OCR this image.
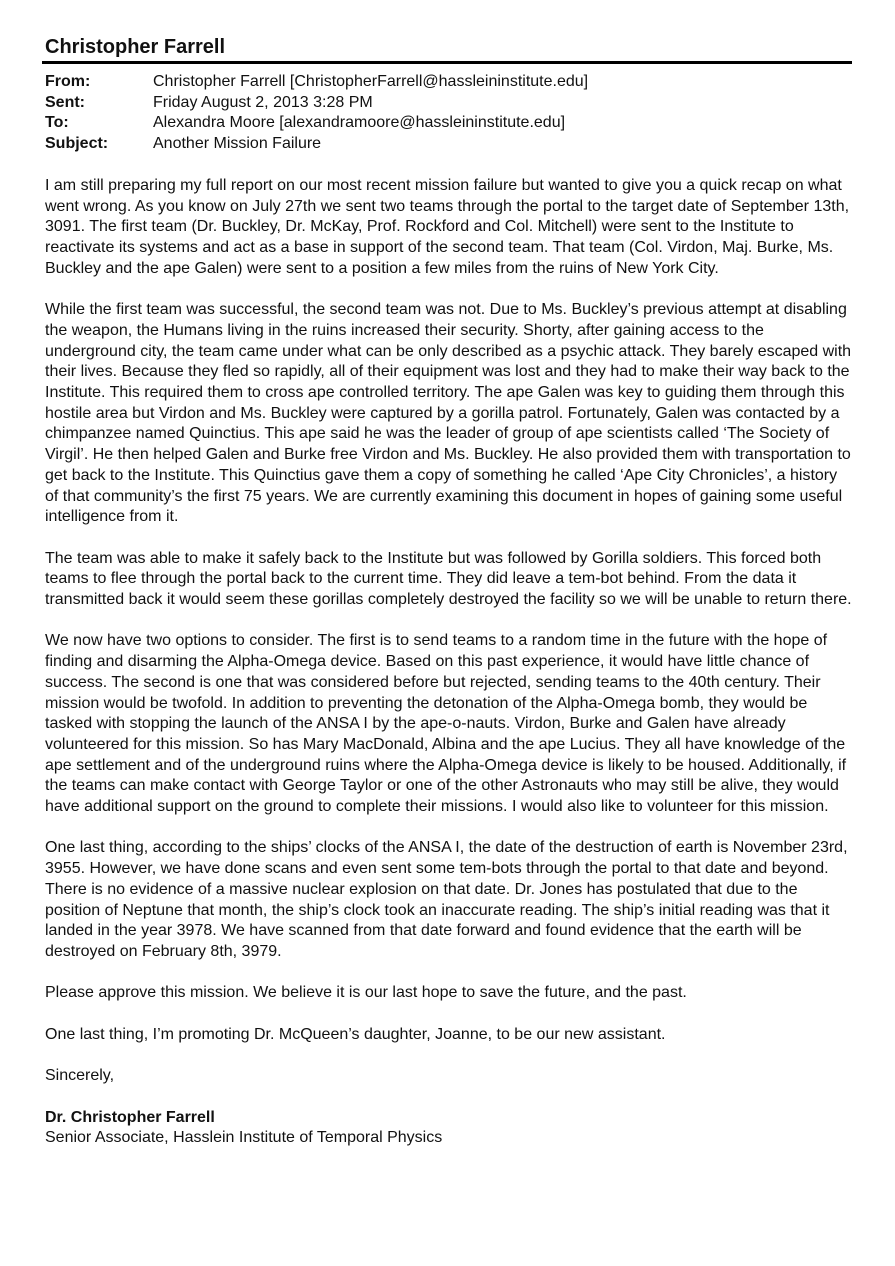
Christopher Farrell
From:	Christopher Farrell [ChristopherFarrell@hassleininstitute.edu]
Sent:	Friday August 2, 2013 3:28 PM
To:	Alexandra Moore [alexandramoore@hassleininstitute.edu]
Subject:	Another Mission Failure

I am still preparing my full report on our most recent mission failure but wanted to give you a quick recap on what went wrong. As you know on July 27th we sent two teams through the portal to the target date of September 13th, 3091. The first team (Dr. Buckley, Dr. McKay, Prof. Rockford and Col. Mitchell) were sent to the Institute to reactivate its systems and act as a base in support of the second team. That team (Col. Virdon, Maj. Burke, Ms. Buckley and the ape Galen) were sent to a position a few miles from the ruins of New York City.

While the first team was successful, the second team was not. Due to Ms. Buckley’s previous attempt at disabling the weapon, the Humans living in the ruins increased their security. Shorty, after gaining access to the underground city, the team came under what can be only described as a psychic attack. They barely escaped with their lives. Because they fled so rapidly, all of their equipment was lost and they had to make their way back to the Institute. This required them to cross ape controlled territory. The ape Galen was key to guiding them through this hostile area but Virdon and Ms. Buckley were captured by a gorilla patrol. Fortunately, Galen was contacted by a chimpanzee named Quinctius. This ape said he was the leader of group of ape scientists called ‘The Society of Virgil’. He then helped Galen and Burke free Virdon and Ms. Buckley. He also provided them with transportation to get back to the Institute. This Quinctius gave them a copy of something he called ‘Ape City Chronicles’, a history of that community’s the first 75 years. We are currently examining this document in hopes of gaining some useful intelligence from it.

The team was able to make it safely back to the Institute but was followed by Gorilla soldiers. This forced both teams to flee through the portal back to the current time. They did leave a tem-bot behind. From the data it transmitted back it would seem these gorillas completely destroyed the facility so we will be unable to return there.

We now have two options to consider. The first is to send teams to a random time in the future with the hope of finding and disarming the Alpha-Omega device. Based on this past experience, it would have little chance of success. The second is one that was considered before but rejected, sending teams to the 40th century. Their mission would be twofold. In addition to preventing the detonation of the Alpha-Omega bomb, they would be tasked with stopping the launch of the ANSA I by the ape-o-nauts. Virdon, Burke and Galen have already volunteered for this mission. So has Mary MacDonald, Albina and the ape Lucius. They all have knowledge of the ape settlement and of the underground ruins where the Alpha-Omega device is likely to be housed. Additionally, if the teams can make contact with George Taylor or one of the other Astronauts who may still be alive, they would have additional support on the ground to complete their missions. I would also like to volunteer for this mission.

One last thing, according to the ships’ clocks of the ANSA I, the date of the destruction of earth is November 23rd, 3955. However, we have done scans and even sent some tem-bots through the portal to that date and beyond. There is no evidence of a massive nuclear explosion on that date. Dr. Jones has postulated that due to the position of Neptune that month, the ship’s clock took an inaccurate reading. The ship’s initial reading was that it landed in the year 3978. We have scanned from that date forward and found evidence that the earth will be destroyed on February 8th, 3979.

Please approve this mission. We believe it is our last hope to save the future, and the past.

One last thing, I’m promoting Dr. McQueen’s daughter, Joanne, to be our new assistant.

Sincerely,

Dr. Christopher Farrell

Senior Associate, Hasslein Institute of Temporal Physics
